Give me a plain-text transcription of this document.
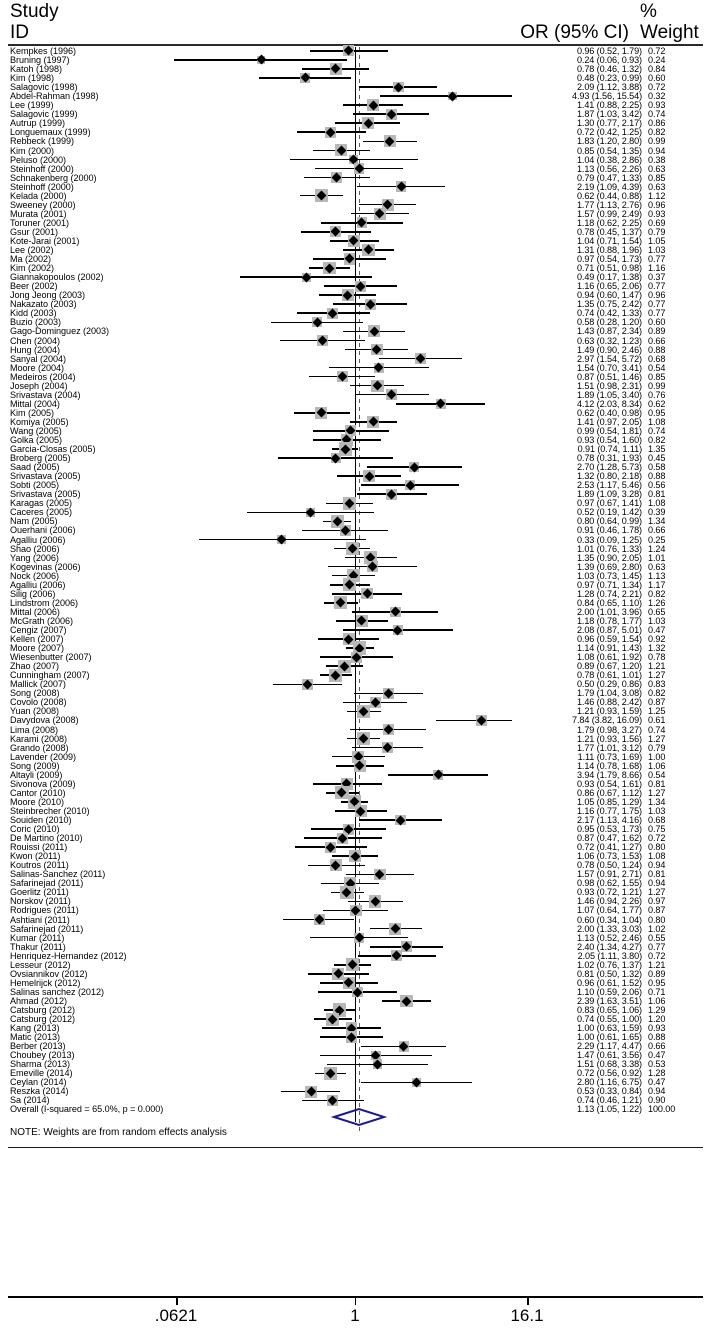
Study
ID
%
OR (95% CI) Weight
Kempkes (1996)	0.96 (0.52, 1.79) 0.72
Bruning (1997)	0.24 (0.06, 0.93) 0.24
Katoh (1998)	0.78 (0.46, 1.32) 0.84
Kim (1998)	0.48 (0.23, 0.99) 0.60
Salagovic (1998)	2.09 (1.12, 3.88) 0.72
Abdel-Rahman (1998)	4.93 (1.56, 15.54) 0.32
Lee (1999)	1.41 (0.88, 2.25) 0.93
Salagovic (1999)	1.87 (1.03, 3.42) 0.74
Autrup (1999)	1.30 (0.77, 2.17) 0.86
Longuemaux (1999)	0.72 (0.42, 1.25) 0.82
Rebbeck (1999)	1.83 (1.20, 2.80) 0.99
Kim (2000)	0.85 (0.54, 1.35) 0.94
Peluso (2000)	1.04 (0.38, 2.86) 0.38
Steinhoff (2000)	1.13 (0.56, 2.26) 0.63
Schnakenberg (2000)	0.79 (0.47, 1.33) 0.85
Steinhoff (2000)	2.19 (1.09, 4.39) 0.63
Kelada (2000)	0.62 (0.44, 0.88) 1.12
Sweeney (2000)	1.77 (1.13, 2.76) 0.96
Murata (2001)	1.57 (0.99, 2.49) 0.93
Toruner (2001)	1.18 (0.62, 2.25) 0.69
Gsur (2001)	0.78 (0.45, 1.37) 0.79
Kote-Jarai (2001)	1.04 (0.71, 1.54) 1.05
Lee (2002)	1.31 (0.88, 1.96) 1.03
Ma (2002)	0.97 (0.54, 1.73) 0.77
Kim (2002)	0.71 (0.51, 0.98) 1.16
Giannakopoulos (2002)	0.49 (0.17, 1.38) 0.37
Beer (2002)	1.16 (0.65, 2.06) 0.77
Jong Jeong (2003)	0.94 (0.60, 1.47) 0.96
Nakazato (2003)	1.35 (0.75, 2.42) 0.77
Kidd (2003)	0.74 (0.42, 1.33) 0.77
Buzio (2003)	0.58 (0.28, 1.20) 0.60
Gago-Dominguez (2003)	1.43 (0.87, 2.34) 0.89
Chen (2004)	0.63 (0.32, 1.23) 0.66
Hung (2004)	1.49 (0.90, 2.46) 0.88
Sanyal (2004)	2.97 (1.54, 5.72) 0.68
Moore (2004)	1.54 (0.70, 3.41) 0.54
Medeiros (2004)	0.87 (0.51, 1.46) 0.85
Joseph (2004)	1.51 (0.98, 2.31) 0.99
Srivastava (2004)	1.89 (1.05, 3.40) 0.76
Mittal (2004)	4.12 (2.03, 8.34) 0.62
Kim (2005)	0.62 (0.40, 0.98) 0.95
Komiya (2005)	1.41 (0.97, 2.05) 1.08
Wang (2005)	0.99 (0.54, 1.81) 0.74
Golka (2005)	0.93 (0.54, 1.60) 0.82
Garcia-Closas (2005)	0.91 (0.74, 1.11) 1.35
Broberg (2005)	0.78 (0.31, 1.93) 0.45
Saad (2005)	2.70 (1.28, 5.73) 0.58
Srivastava (2005)	1.32 (0.80, 2.18) 0.88
Sobti (2005)	2.53 (1.17, 5.46) 0.56
Srivastava (2005)	1.89 (1.09, 3.28) 0.81
Karagas (2005)	0.97 (0.67, 1.41) 1.08
Caceres (2005)	0.52 (0.19, 1.42) 0.39
Nam (2005)	0.80 (0.64, 0.99) 1.34
Ouerhani (2006)	0.91 (0.46, 1.78) 0.66
Agalliu (2006)	0.33 (0.09, 1.25) 0.25
Shao (2006)	1.01 (0.76, 1.33) 1.24
Yang (2006)	1.35 (0.90, 2.05) 1.01
Kogevinas (2006)	1.39 (0.69, 2.80) 0.63
Nock (2006)	1.03 (0.73, 1.45) 1.13
Agalliu (2006)	0.97 (0.71, 1.34) 1.17
Silig (2006)	1.28 (0.74, 2.21) 0.82
Lindstrom (2006)	0.84 (0.65, 1.10) 1.26
Mittal (2006)	2.00 (1.01, 3.96) 0.65
McGrath (2006)	1.18 (0.78, 1.77) 1.03
Cengiz (2007)	2.08 (0.87, 5.01) 0.47
Kellen (2007)	0.96 (0.59, 1.54) 0.92
Moore (2007)	1.14 (0.91, 1.43) 1.32
Wiesenbutter (2007)	1.08 (0.61, 1.92) 0.78
Zhao (2007)	0.89 (0.67, 1.20) 1.21
Cunningham (2007)	0.78 (0.61, 1.01) 1.27
Mallick (2007)	0.50 (0.29, 0.86) 0.83
Song (2008)	1.79 (1.04, 3.08) 0.82
Covolo (2008)	1.46 (0.88, 2.42) 0.87
Yuan (2008)	1.21 (0.93, 1.59) 1.25
Davydova (2008)	7.84 (3.82, 16.09) 0.61
Lima (2008)	1.79 (0.98, 3.27) 0.74
Karami (2008)	1.21 (0.93, 1.56) 1.27
Grando (2008)	1.77 (1.01, 3.12) 0.79
Lavender (2009)	1.11 (0.73, 1.69) 1.00
Song (2009)	1.14 (0.78, 1.68) 1.06
Altayli (2009)	3.94 (1.79, 8.66) 0.54
Sivonova (2009)	0.93 (0.54, 1.61) 0.81
Cantor (2010)	0.86 (0.67, 1.12) 1.27
Moore (2010)	1.05 (0.85, 1.29) 1.34
Steinbrecher (2010)	1.16 (0.77, 1.75) 1.03
Souiden (2010)	2.17 (1.13, 4.16) 0.68
Coric (2010)	0.95 (0.53, 1.73) 0.75
De Martino (2010)	0.87 (0.47, 1.62) 0.72
Rouissi (2011)	0.72 (0.41, 1.27) 0.80
Kwon (2011)	1.06 (0.73, 1.53) 1.08
Koutros (2011)	0.78 (0.50, 1.24) 0.94
Salinas-Sanchez (2011)	1.57 (0.91, 2.71) 0.81
Safarinejad (2011)	0.98 (0.62, 1.55) 0.94
Goerlitz (2011)	0.93 (0.72, 1.21) 1.27
Norskov (2011)	1.46 (0.94, 2.26) 0.97
Rodrigues (2011)	1.07 (0.64, 1.77) 0.87
Ashtiani (2011)	0.60 (0.34, 1.04) 0.80
Safarinejad (2011)	2.00 (1.33, 3.03) 1.02
Kumar (2011)	1.13 (0.52, 2.46) 0.55
Thakur (2011)	2.40 (1.34, 4.27) 0.77
Henriquez-Hernandez (2012)	2.05 (1.11, 3.80) 0.72
Lesseur (2012)	1.02 (0.76, 1.37) 1.21
Ovsiannikov (2012)	0.81 (0.50, 1.32) 0.89
Hemelrijck (2012)	0.96 (0.61, 1.52) 0.95
Salinas sanchez (2012)	1.10 (0.59, 2.06) 0.71
Ahmad (2012)	2.39 (1.63, 3.51) 1.06
Catsburg (2012)	0.83 (0.65, 1.06) 1.29
Catsburg (2012)	0.74 (0.55, 1.00) 1.20
Kang (2013)	1.00 (0.63, 1.59) 0.93
Matic (2013)	1.00 (0.61, 1.65) 0.88
Berber (2013)	2.29 (1.17, 4.47) 0.66
Choubey (2013)	1.47 (0.61, 3.56) 0.47
Sharma (2013)	1.51 (0.68, 3.38) 0.53
Emeville (2014)	0.72 (0.56, 0.92) 1.28
Ceylan (2014)	2.80 (1.16, 6.75) 0.47
Reszka (2014)	0.53 (0.33, 0.84) 0.94
Sa (2014)	0.74 (0.46, 1.21) 0.90
Overall (I-squared = 65.0%, p = 0.000)	1.13 (1.05, 1.22) 100.00
NOTE: Weights are from random effects analysis
.0621	1	16.1
